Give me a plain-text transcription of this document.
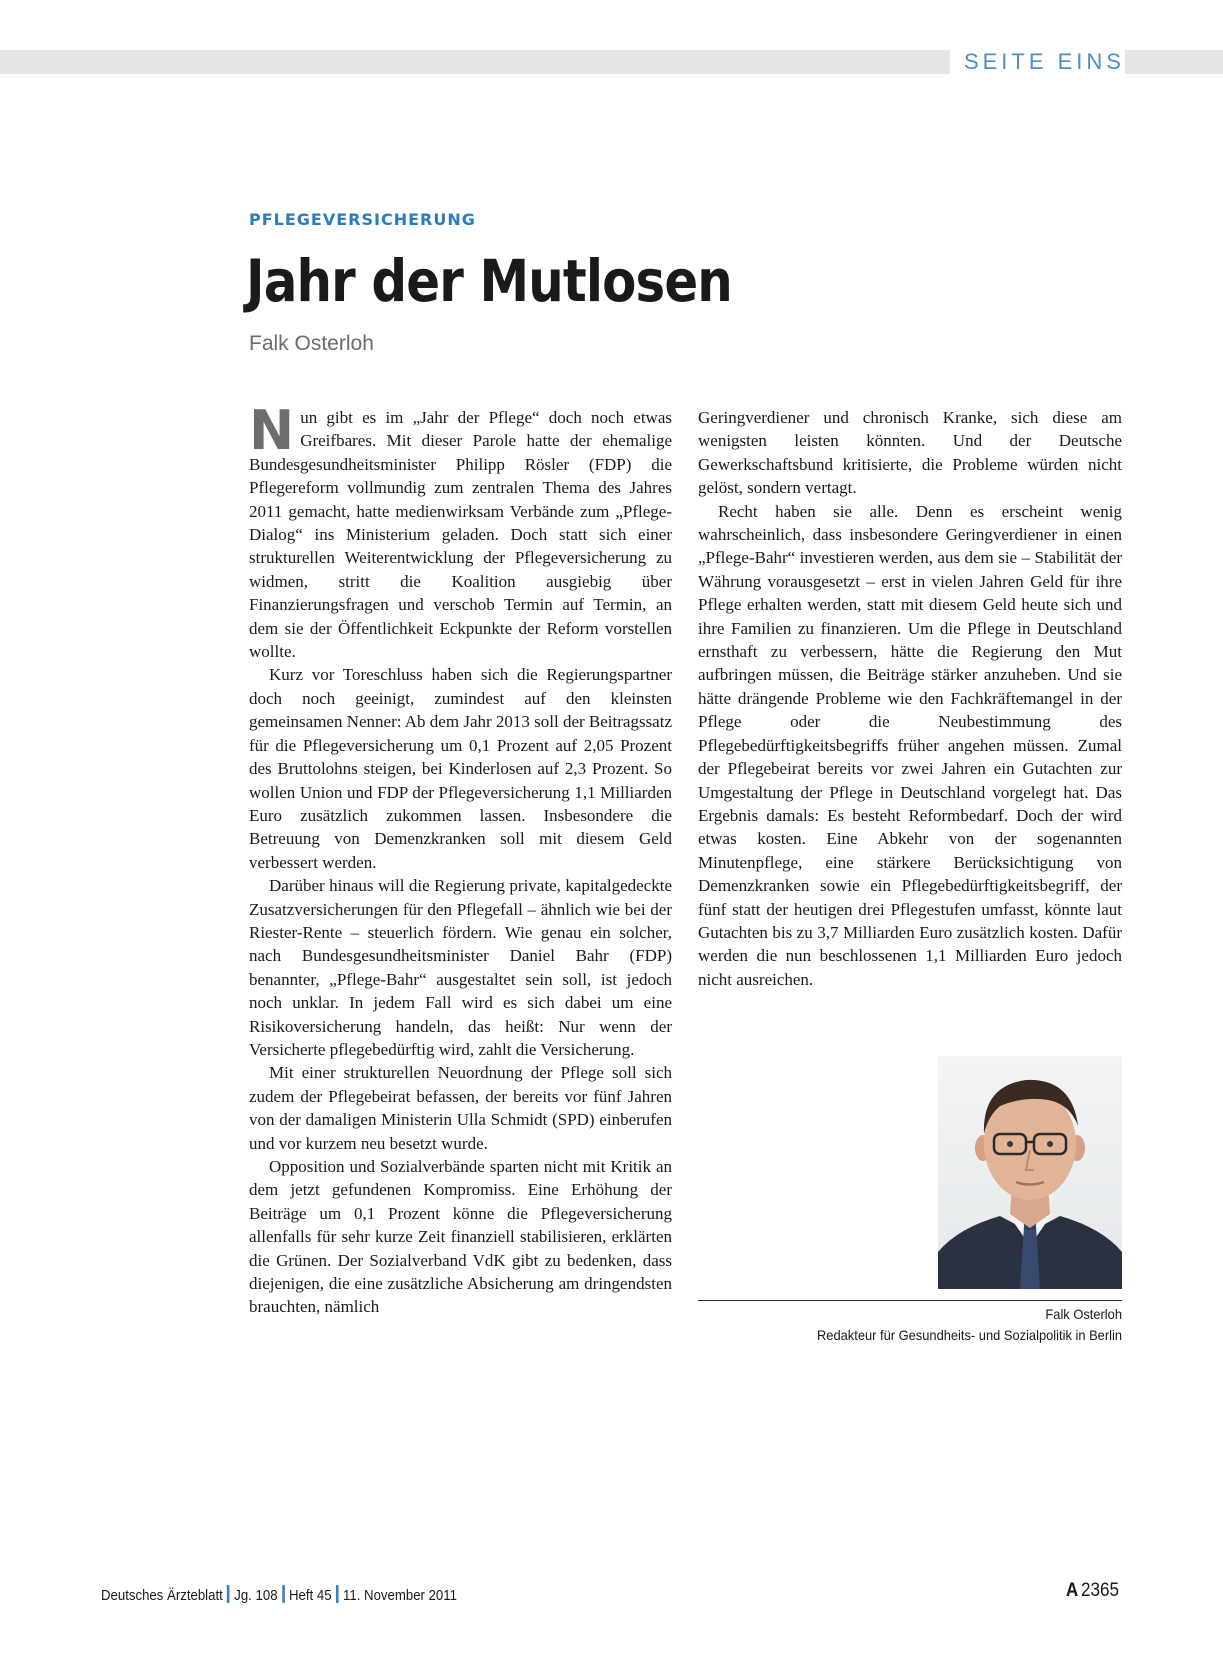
SEITE EINS
PFLEGEVERSICHERUNG
Jahr der Mutlosen
Falk Osterloh

Nun gibt es im „Jahr der Pflege“ doch noch etwas Greifbares. Mit dieser Parole hatte der ehemalige Bundesgesundheitsminister Philipp Rösler (FDP) die Pflegereform vollmundig zum zentralen Thema des Jahres 2011 gemacht, hatte medienwirksam Verbände zum „Pflege-Dialog“ ins Ministerium geladen. Doch statt sich einer strukturellen Weiterentwicklung der Pflegeversicherung zu widmen, stritt die Koalition ausgiebig über Finanzierungsfragen und verschob Termin auf Termin, an dem sie der Öffentlichkeit Eckpunkte der Reform vorstellen wollte.

Kurz vor Toreschluss haben sich die Regierungspartner doch noch geeinigt, zumindest auf den kleinsten gemeinsamen Nenner: Ab dem Jahr 2013 soll der Beitragssatz für die Pflegeversicherung um 0,1 Prozent auf 2,05 Prozent des Bruttolohns steigen, bei Kinderlosen auf 2,3 Prozent. So wollen Union und FDP der Pflegeversicherung 1,1 Milliarden Euro zusätzlich zukommen lassen. Insbesondere die Betreuung von Demenzkranken soll mit diesem Geld verbessert werden.

Darüber hinaus will die Regierung private, kapitalgedeckte Zusatzversicherungen für den Pflegefall – ähnlich wie bei der Riester-Rente – steuerlich fördern. Wie genau ein solcher, nach Bundesgesundheitsminister Daniel Bahr (FDP) benannter, „Pflege-Bahr“ ausgestaltet sein soll, ist jedoch noch unklar. In jedem Fall wird es sich dabei um eine Risikoversicherung handeln, das heißt: Nur wenn der Versicherte pflegebedürftig wird, zahlt die Versicherung.

Mit einer strukturellen Neuordnung der Pflege soll sich zudem der Pflegebeirat befassen, der bereits vor fünf Jahren von der damaligen Ministerin Ulla Schmidt (SPD) einberufen und vor kurzem neu besetzt wurde.

Opposition und Sozialverbände sparten nicht mit Kritik an dem jetzt gefundenen Kompromiss. Eine Erhöhung der Beiträge um 0,1 Prozent könne die Pflegeversicherung allenfalls für sehr kurze Zeit finanziell stabilisieren, erklärten die Grünen. Der Sozialverband VdK gibt zu bedenken, dass diejenigen, die eine zusätzliche Absicherung am dringendsten brauchten, nämlich

Geringverdiener und chronisch Kranke, sich diese am wenigsten leisten könnten. Und der Deutsche Gewerkschaftsbund kritisierte, die Probleme würden nicht gelöst, sondern vertagt.

Recht haben sie alle. Denn es erscheint wenig wahrscheinlich, dass insbesondere Geringverdiener in einen „Pflege-Bahr“ investieren werden, aus dem sie – Stabilität der Währung vorausgesetzt – erst in vielen Jahren Geld für ihre Pflege erhalten werden, statt mit diesem Geld heute sich und ihre Familien zu finanzieren. Um die Pflege in Deutschland ernsthaft zu verbessern, hätte die Regierung den Mut aufbringen müssen, die Beiträge stärker anzuheben. Und sie hätte drängende Probleme wie den Fachkräftemangel in der Pflege oder die Neubestimmung des Pflegebedürftigkeitsbegriffs früher angehen müssen. Zumal der Pflegebeirat bereits vor zwei Jahren ein Gutachten zur Umgestaltung der Pflege in Deutschland vorgelegt hat. Das Ergebnis damals: Es besteht Reformbedarf. Doch der wird etwas kosten. Eine Abkehr von der sogenannten Minutenpflege, eine stärkere Berücksichtigung von Demenzkranken sowie ein Pflegebedürftigkeitsbegriff, der fünf statt der heutigen drei Pflegestufen umfasst, könnte laut Gutachten bis zu 3,7 Milliarden Euro zusätzlich kosten. Dafür werden die nun beschlossenen 1,1 Milliarden Euro jedoch nicht ausreichen.

Falk Osterloh
Redakteur für Gesundheits- und Sozialpolitik in Berlin
Deutsches Ärzteblatt Jg. 108 Heft 45 11. November 2011	A 2365
